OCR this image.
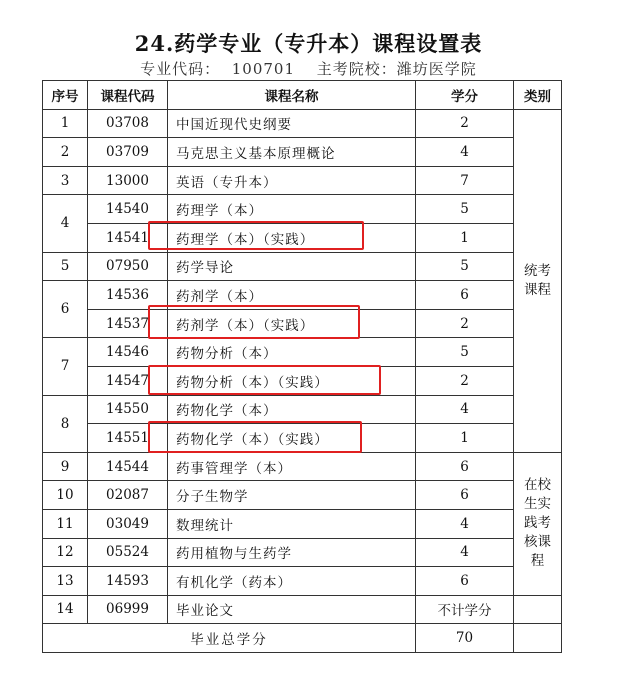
24.药学专业（专升本）课程设置表
专业代码： 100701 主考院校：潍坊医学院
序号	课程代码	课程名称	学分	类别
1	03708	中国近现代史纲要	2	统考课程
2	03709	马克思主义基本原理概论	4	
3	13000	英语（专升本）	7	
4	14540	药理学（本）	5	
	14541	药理学（本）（实践）	1	
5	07950	药学导论	5	
6	14536	药剂学（本）	6	
	14537	药剂学（本）（实践）	2	
7	14546	药物分析（本）	5	
	14547	药物分析（本）（实践）	2	
8	14550	药物化学（本）	4	
	14551	药物化学（本）（实践）	1	
9	14544	药事管理学（本）	6	在校生实践考核课程
10	02087	分子生物学	6	
11	03049	数理统计	4	
12	05524	药用植物与生药学	4	
13	14593	有机化学（药本）	6	
14	06999	毕业论文	不计学分	
毕业总学分			70	
